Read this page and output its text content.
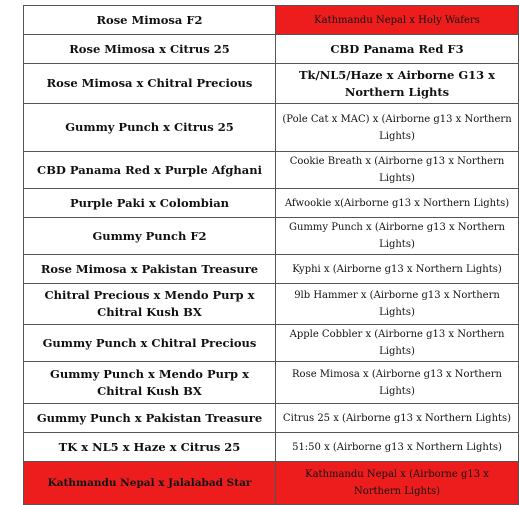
Rose Mimosa F2	Kathmandu Nepal x Holy Wafers
Rose Mimosa x Citrus 25	CBD Panama Red F3
Rose Mimosa x Chitral Precious	Tk/NL5/Haze x Airborne G13 x Northern Lights
Gummy Punch x Citrus 25	(Pole Cat x MAC) x (Airborne g13 x Northern Lights)
CBD Panama Red x Purple Afghani	Cookie Breath x (Airborne g13 x Northern Lights)
Purple Paki x Colombian	Afwookie x(Airborne g13 x Northern Lights)
Gummy Punch F2	Gummy Punch x (Airborne g13 x Northern Lights)
Rose Mimosa x Pakistan Treasure	Kyphi x (Airborne g13 x Northern Lights)
Chitral Precious x Mendo Purp x Chitral Kush BX	9lb Hammer x (Airborne g13 x Northern Lights)
Gummy Punch x Chitral Precious	Apple Cobbler x (Airborne g13 x Northern Lights)
Gummy Punch x Mendo Purp x Chitral Kush BX	Rose Mimosa x (Airborne g13 x Northern Lights)
Gummy Punch x Pakistan Treasure	Citrus 25 x (Airborne g13 x Northern Lights)
TK x NL5 x Haze x Citrus 25	51:50 x (Airborne g13 x Northern Lights)
Kathmandu Nepal x Jalalabad Star	Kathmandu Nepal x (Airborne g13 x Northern Lights)
